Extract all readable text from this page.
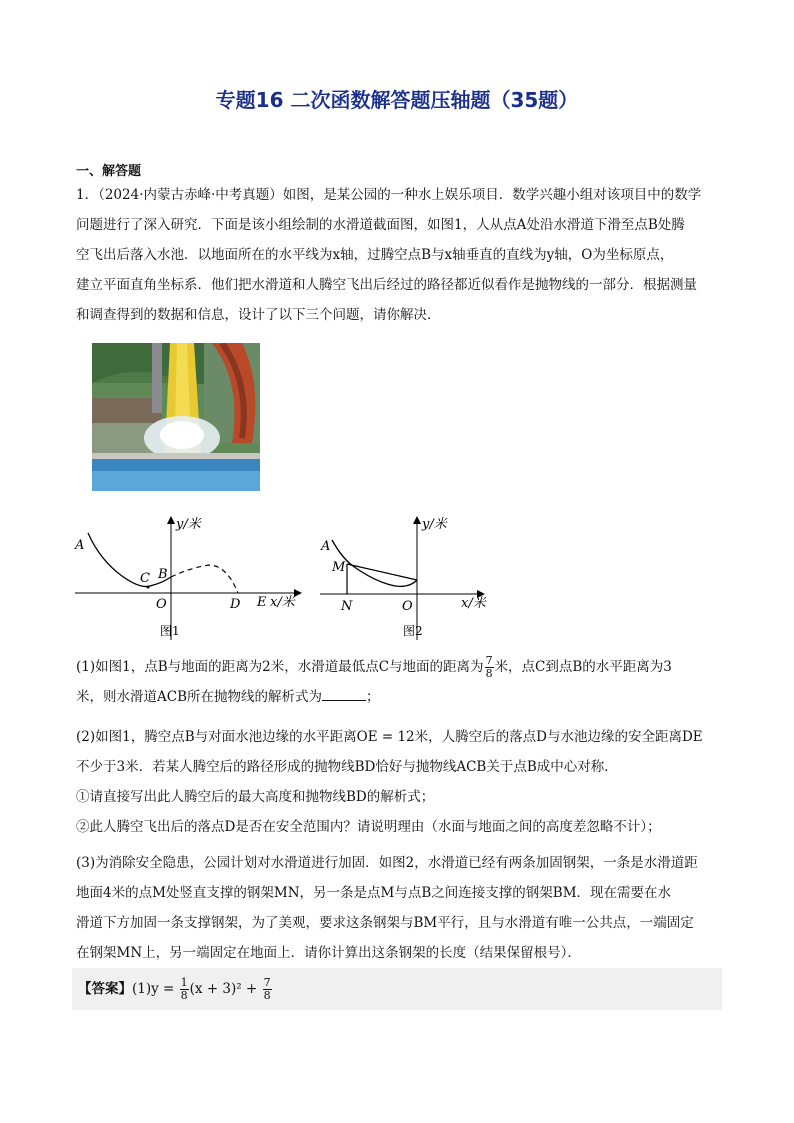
专题16 二次函数解答题压轴题（35题）
一、解答题
1．（2024·内蒙古赤峰·中考真题）如图，是某公园的一种水上娱乐项目．数学兴趣小组对该项目中的数学
问题进行了深入研究．下面是该小组绘制的水滑道截面图，如图1，人从点A处沿水滑道下滑至点B处腾
空飞出后落入水池．以地面所在的水平线为x轴，过腾空点B与x轴垂直的直线为y轴，O为坐标原点，
建立平面直角坐标系．他们把水滑道和人腾空飞出后经过的路径都近似看作是抛物线的一部分．根据测量
和调查得到的数据和信息，设计了以下三个问题，请你解决．
A
C B
O	D E x/米
y/米
图1
A
M
N	O	x/米
y/米
图2
(1)如图1，点B与地面的距离为2米，水滑道最低点C与地面的距离为 $\frac{7}{8}$ 米，点C到点B的水平距离为3
米，则水滑道ACB所在抛物线的解析式为	；
(2)如图1，腾空点B与对面水池边缘的水平距离OE = 12米，人腾空后的落点D与水池边缘的安全距离DE
不少于3米．若某人腾空后的路径形成的抛物线BD恰好与抛物线ACB关于点B成中心对称．
①请直接写出此人腾空后的最大高度和抛物线BD的解析式；
②此人腾空飞出后的落点D是否在安全范围内？请说明理由（水面与地面之间的高度差忽略不计）；
(3)为消除安全隐患，公园计划对水滑道进行加固．如图2，水滑道已经有两条加固钢架，一条是水滑道距
地面4米的点M处竖直支撑的钢架MN，另一条是点M与点B之间连接支撑的钢架BM．现在需要在水
滑道下方加固一条支撑钢架，为了美观，要求这条钢架与BM平行，且与水滑道有唯一公共点，一端固定
在钢架MN上，另一端固定在地面上．请你计算出这条钢架的长度（结果保留根号）．
【答案】$(1)y = \frac{1}{8} (x + 3)^2 + \frac{7}{8}$
